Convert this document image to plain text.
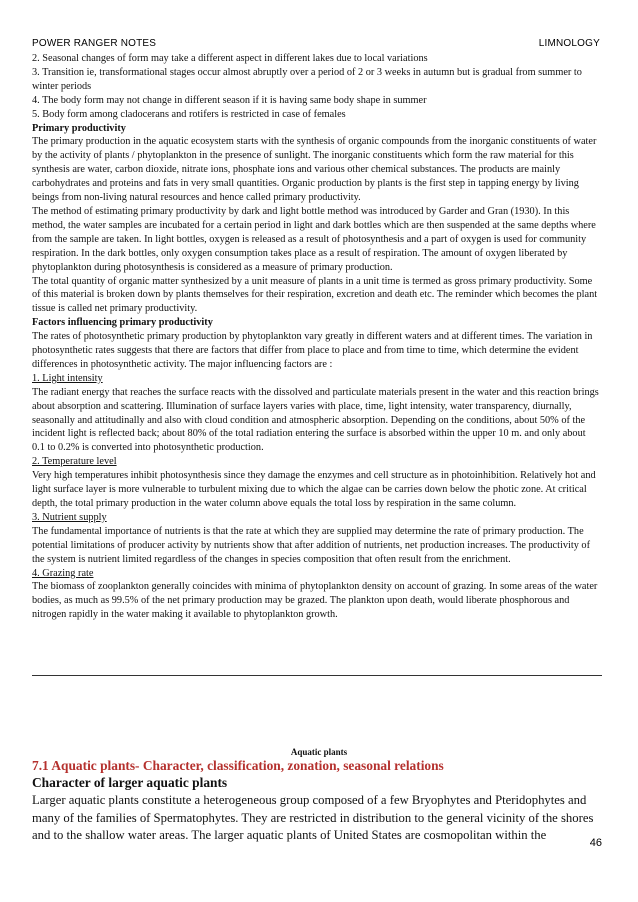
POWER RANGER NOTES	LIMNOLOGY

2. Seasonal changes of form may take a different aspect in different lakes due to local variations

3. Transition ie, transformational stages occur almost abruptly over a period of 2 or 3 weeks in autumn but is gradual from summer to winter periods

4. The body form may not change in different season if it is having same body shape in summer

5. Body form among cladocerans and rotifers is restricted in case of females

Primary productivity

The primary production in the aquatic ecosystem starts with the synthesis of organic compounds from the inorganic constituents of water by the activity of plants / phytoplankton in the presence of sunlight. The inorganic constituents which form the raw material for this synthesis are water, carbon dioxide, nitrate ions, phosphate ions and various other chemical substances. The products are mainly carbohydrates and proteins and fats in very small quantities. Organic production by plants is the first step in tapping energy by living beings from non-living natural resources and hence called primary productivity.

The method of estimating primary productivity by dark and light bottle method was introduced by Garder and Gran (1930). In this method, the water samples are incubated for a certain period in light and dark bottles which are then suspended at the same depths where from the sample are taken. In light bottles, oxygen is released as a result of photosynthesis and a part of oxygen is used for community respiration. In the dark bottles, only oxygen consumption takes place as a result of respiration. The amount of oxygen liberated by phytoplankton during photosynthesis is considered as a measure of primary production.

The total quantity of organic matter synthesized by a unit measure of plants in a unit time is termed as gross primary productivity. Some of this material is broken down by plants themselves for their respiration, excretion and death etc. The reminder which becomes the plant tissue is called net primary productivity.

Factors influencing primary productivity

The rates of photosynthetic primary production by phytoplankton vary greatly in different waters and at different times. The variation in photosynthetic rates suggests that there are factors that differ from place to place and from time to time, which determine the evident differences in photosynthetic activity. The major influencing factors are :

1. Light intensity

The radiant energy that reaches the surface reacts with the dissolved and particulate materials present in the water and this reaction brings about absorption and scattering. Illumination of surface layers varies with place, time, light intensity, water transparency, diurnally, seasonally and attitudinally and also with cloud condition and atmospheric absorption. Depending on the conditions, about 50% of the incident light is reflected back; about 80% of the total radiation entering the surface is absorbed within the upper 10 m. and only about 0.1 to 0.2% is converted into photosynthetic production.

2. Temperature level

Very high temperatures inhibit photosynthesis since they damage the enzymes and cell structure as in photoinhibition. Relatively hot and light surface layer is more vulnerable to turbulent mixing due to which the algae can be carries down below the photic zone. At critical depth, the total primary production in the water column above equals the total loss by respiration in the same column.

3. Nutrient supply

The fundamental importance of nutrients is that the rate at which they are supplied may determine the rate of primary production. The potential limitations of producer activity by nutrients show that after addition of nutrients, net production increases. The productivity of the system is nutrient limited regardless of the changes in species composition that often result from the enrichment.

4. Grazing rate

The biomass of zooplankton generally coincides with minima of phytoplankton density on account of grazing. In some areas of the water bodies, as much as 99.5% of the net primary production may be grazed. The plankton upon death, would liberate phosphorous and nitrogen rapidly in the water making it available to phytoplankton growth.

Aquatic plants
7.1 Aquatic plants- Character, classification, zonation, seasonal relations
Character of larger aquatic plants

Larger aquatic plants constitute a heterogeneous group composed of a few Bryophytes and Pteridophytes and many of the families of Spermatophytes. They are restricted in distribution to the general vicinity of the shores and to the shallow water areas. The larger aquatic plants of United States are cosmopolitan within the

46
